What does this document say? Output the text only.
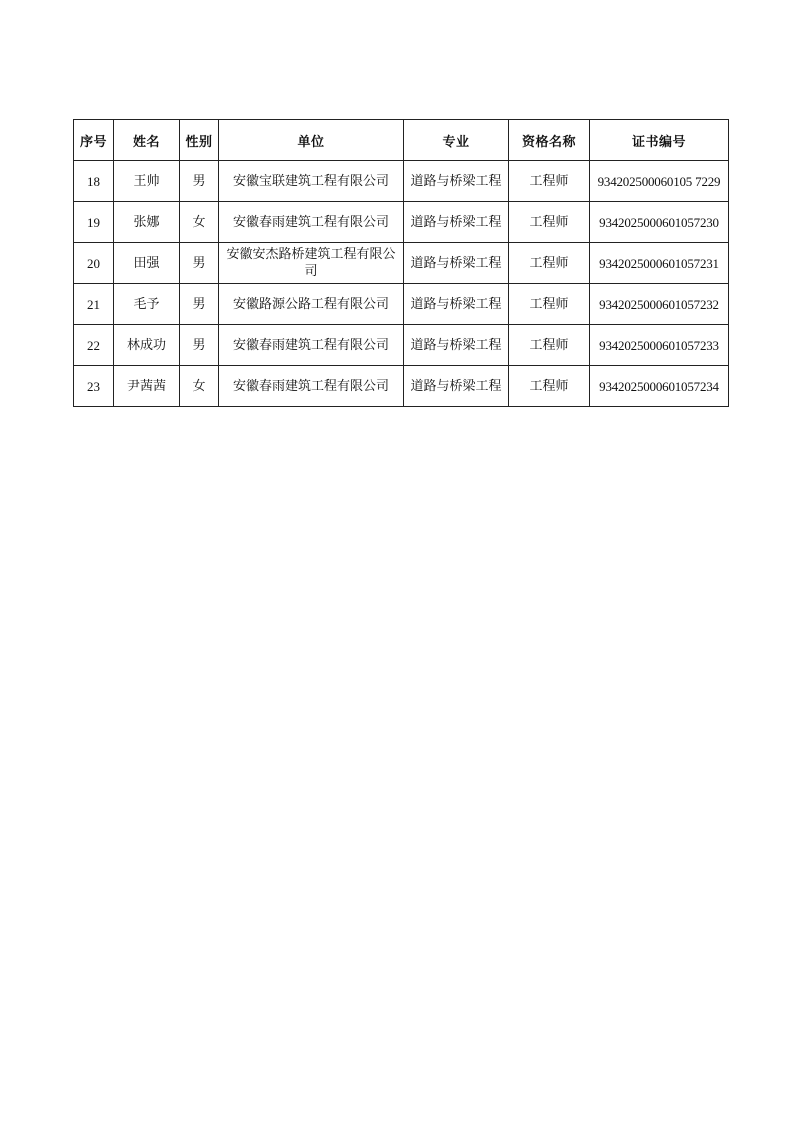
序号	姓名	性别	单位	专业	资格名称	证书编号
18	王帅	男	安徽宝联建筑工程有限公司	道路与桥梁工程	工程师	934202500060105 7229
19	张娜	女	安徽春雨建筑工程有限公司	道路与桥梁工程	工程师	9342025000601057230
20	田强	男	安徽安杰路桥建筑工程有限公司	道路与桥梁工程	工程师	9342025000601057231
21	毛予	男	安徽路源公路工程有限公司	道路与桥梁工程	工程师	9342025000601057232
22	林成功	男	安徽春雨建筑工程有限公司	道路与桥梁工程	工程师	9342025000601057233
23	尹茜茜	女	安徽春雨建筑工程有限公司	道路与桥梁工程	工程师	9342025000601057234
